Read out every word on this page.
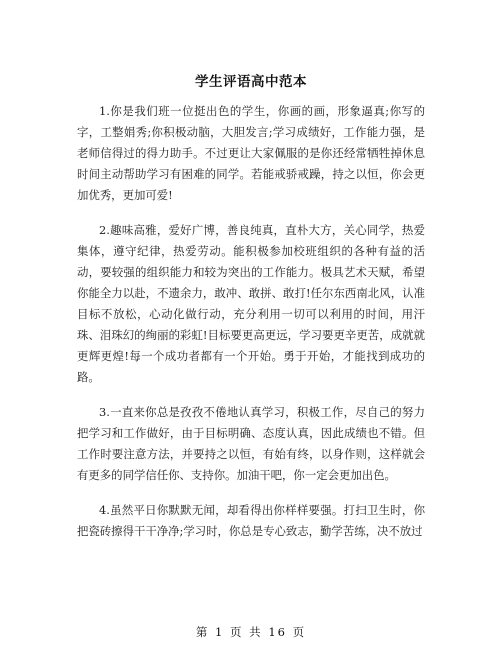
学生评语高中范本

1.你是我们班一位挺出色的学生，你画的画，形象逼真;你写的字，工整娟秀;你积极动脑，大胆发言;学习成绩好，工作能力强，是老师信得过的得力助手。不过更让大家佩服的是你还经常牺牲掉休息时间主动帮助学习有困难的同学。若能戒骄戒躁，持之以恒，你会更加优秀，更加可爱!

2.趣味高雅，爱好广博，善良纯真，直朴大方，关心同学，热爱集体，遵守纪律，热爱劳动。能积极参加校班组织的各种有益的活动，要较强的组织能力和较为突出的工作能力。极具艺术天赋，希望你能全力以赴，不遗余力，敢冲、敢拼、敢打!任尔东西南北风，认准目标不放松，心动化做行动，充分利用一切可以利用的时间，用汗珠、泪珠幻的绚丽的彩虹!目标要更高更远，学习要更辛更苦，成就就更辉更煌!每一个成功者都有一个开始。勇于开始，才能找到成功的路。

3.一直来你总是孜孜不倦地认真学习，积极工作，尽自己的努力把学习和工作做好，由于目标明确、态度认真，因此成绩也不错。但工作时要注意方法，并要持之以恒，有始有终，以身作则，这样就会有更多的同学信任你、支持你。加油干吧，你一定会更加出色。

4.虽然平日你默默无闻，却看得出你样样要强。打扫卫生时，你把瓷砖擦得干干净净;学习时，你总是专心致志，勤学苦练，决不放过

第 1 页 共 16 页
